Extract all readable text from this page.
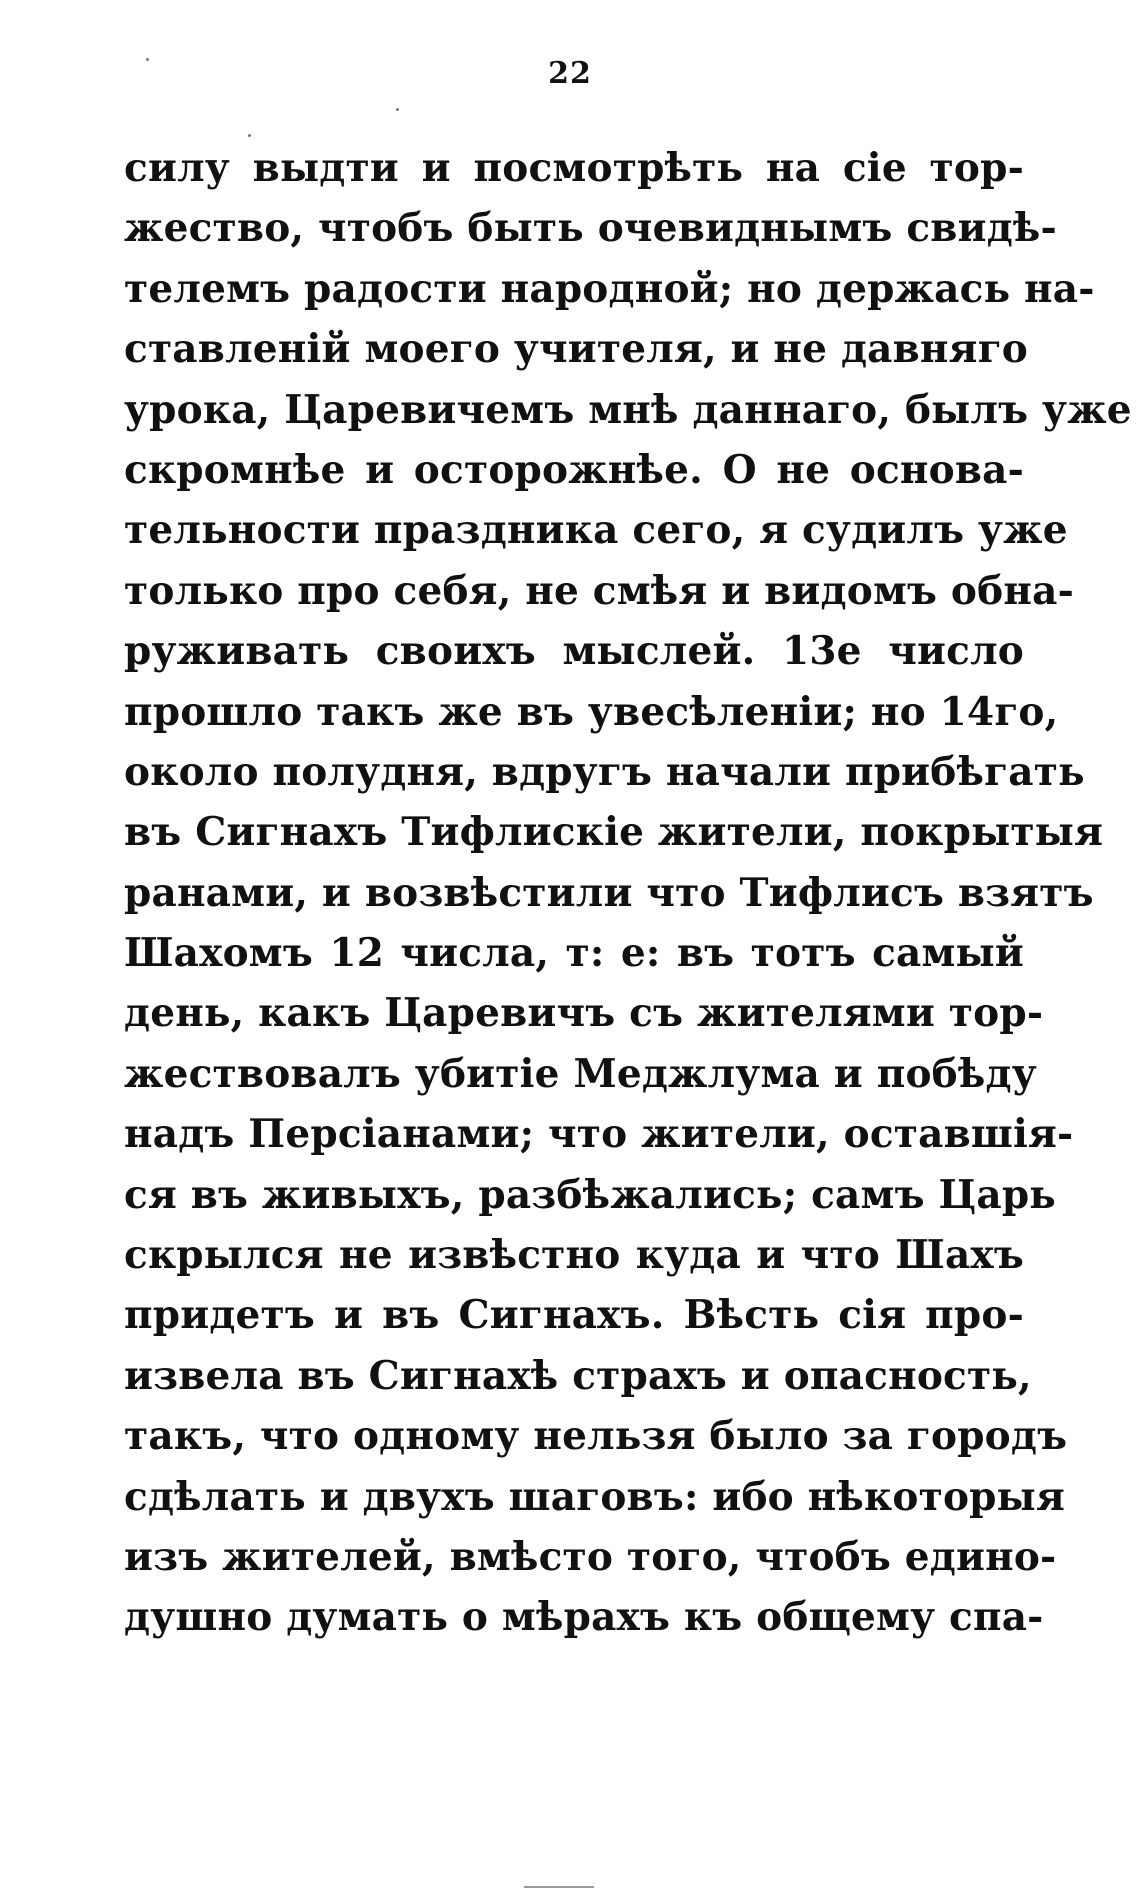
22
силу выдти и посмотрѣть на сіе тор-
жество, чтобъ быть очевиднымъ свидѣ-
телемъ радости народной; но держась на-
ставленій моего учителя, и не давняго
урока, Царевичемъ мнѣ даннаго, былъ уже
скромнѣе и осторожнѣе. О не основа-
тельности праздника сего, я судилъ уже
только про себя, не смѣя и видомъ обна-
руживать своихъ мыслей. 13е число
прошло такъ же въ увесѣленіи; но 14го,
около полудня, вдругъ начали прибѣгать
въ Сигнахъ Тифлискіе жители, покрытыя
ранами, и возвѣстили что Тифлисъ взятъ
Шахомъ 12 числа, т: е: въ тотъ самый
день, какъ Царевичъ съ жителями тор-
жествовалъ убитіе Меджлума и побѣду
надъ Персіанами; что жители, оставшія-
ся въ живыхъ, разбѣжались; самъ Царь
скрылся не извѣстно куда и что Шахъ
придетъ и въ Сигнахъ. Вѣсть сія про-
извела въ Сигнахѣ страхъ и опасность,
такъ, что одному нельзя было за городъ
сдѣлать и двухъ шаговъ: ибо нѣкоторыя
изъ жителей, вмѣсто того, чтобъ едино-
душно думать о мѣрахъ къ общему спа-
